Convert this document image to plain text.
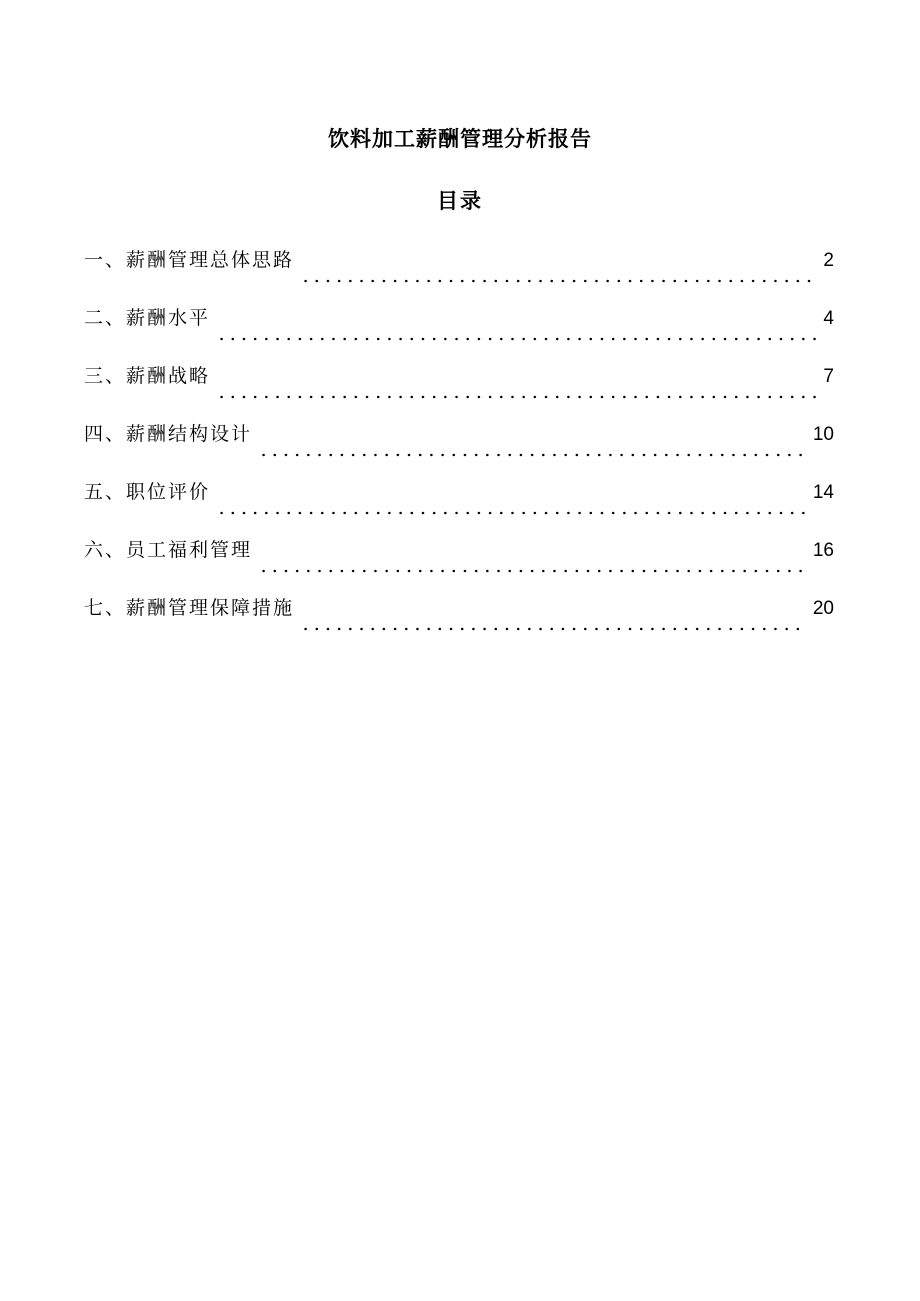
饮料加工薪酬管理分析报告
目录
一、薪酬管理总体思路	2
二、薪酬水平	4
三、薪酬战略	7
四、薪酬结构设计	10
五、职位评价	14
六、员工福利管理	16
七、薪酬管理保障措施	20
